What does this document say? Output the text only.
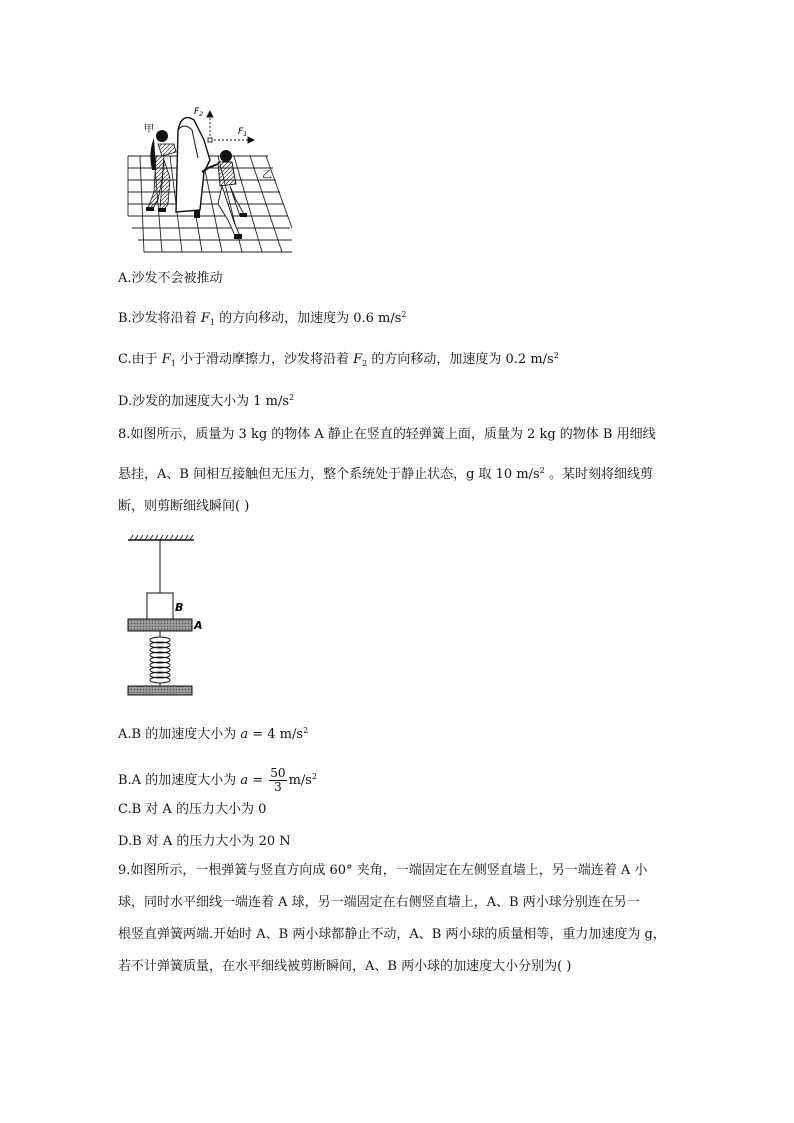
$F_2$
$F_1$
甲
乙
A.沙发不会被推动
B.沙发将沿着 $F_1$ 的方向移动，加速度为 0.6 $m/s^2$
C.由于 $F_1$ 小于滑动摩擦力，沙发将沿着 $F_2$ 的方向移动，加速度为 0.2 $m/s^2$
D.沙发的加速度大小为 1 $m/s^2$
8.如图所示，质量为 3 kg 的物体 A 静止在竖直的轻弹簧上面，质量为 2 kg 的物体 B 用细线
悬挂，A、B 间相互接触但无压力，整个系统处于静止状态，g 取 10 $m/s^2$ 。某时刻将细线剪
断，则剪断细线瞬间( )
B
A
A.B 的加速度大小为 a = 4 $m/s^2$
B.A 的加速度大小为 $a = \frac{50}{3} m/s^2$
C.B 对 A 的压力大小为 0
D.B 对 A 的压力大小为 20 N
9.如图所示，一根弹簧与竖直方向成 60° 夹角，一端固定在左侧竖直墙上，另一端连着 A 小
球，同时水平细线一端连着 A 球，另一端固定在右侧竖直墙上，A、B 两小球分别连在另一
根竖直弹簧两端.开始时 A、B 两小球都静止不动，A、B 两小球的质量相等，重力加速度为 g，
若不计弹簧质量，在水平细线被剪断瞬间，A、B 两小球的加速度大小分别为( )
